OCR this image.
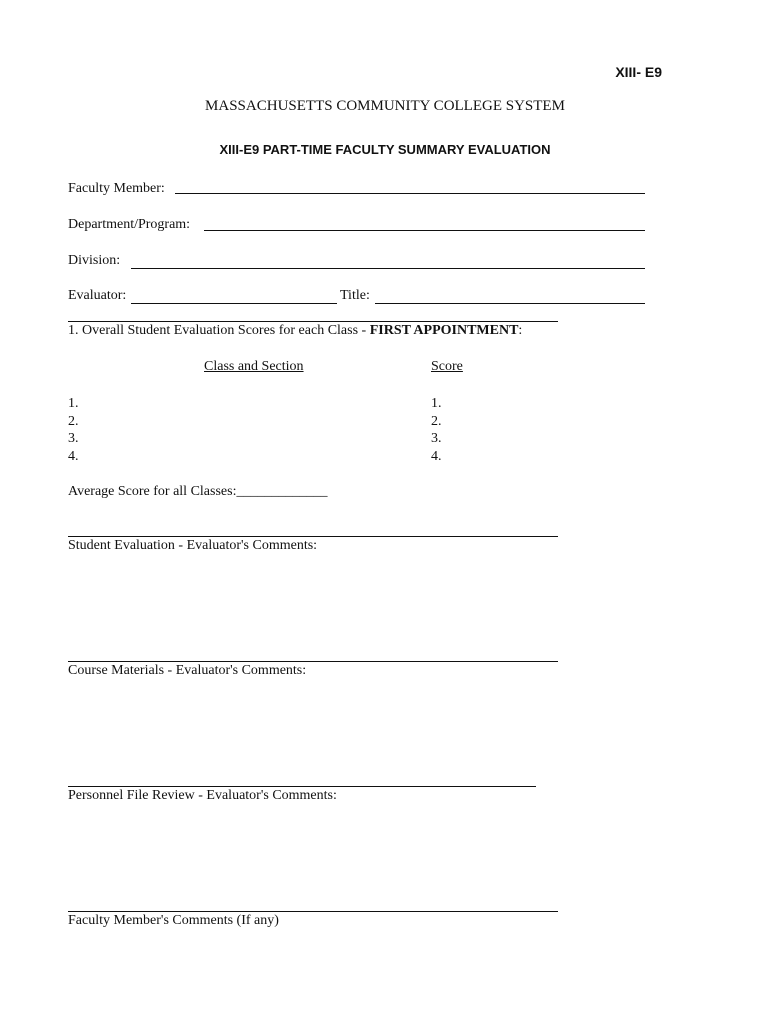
XIII- E9
MASSACHUSETTS COMMUNITY COLLEGE SYSTEM
XIII-E9 PART-TIME FACULTY SUMMARY EVALUATION
Faculty Member:
Department/Program:
Division:
Evaluator:	Title:
1. Overall Student Evaluation Scores for each Class - FIRST APPOINTMENT:
Class and Section	Score
1.
2.
3.
4.
1.
2.
3.
4.
Average Score for all Classes:_____________
Student Evaluation - Evaluator's Comments:
Course Materials - Evaluator's Comments:
Personnel File Review - Evaluator's Comments:
Faculty Member's Comments (If any)
